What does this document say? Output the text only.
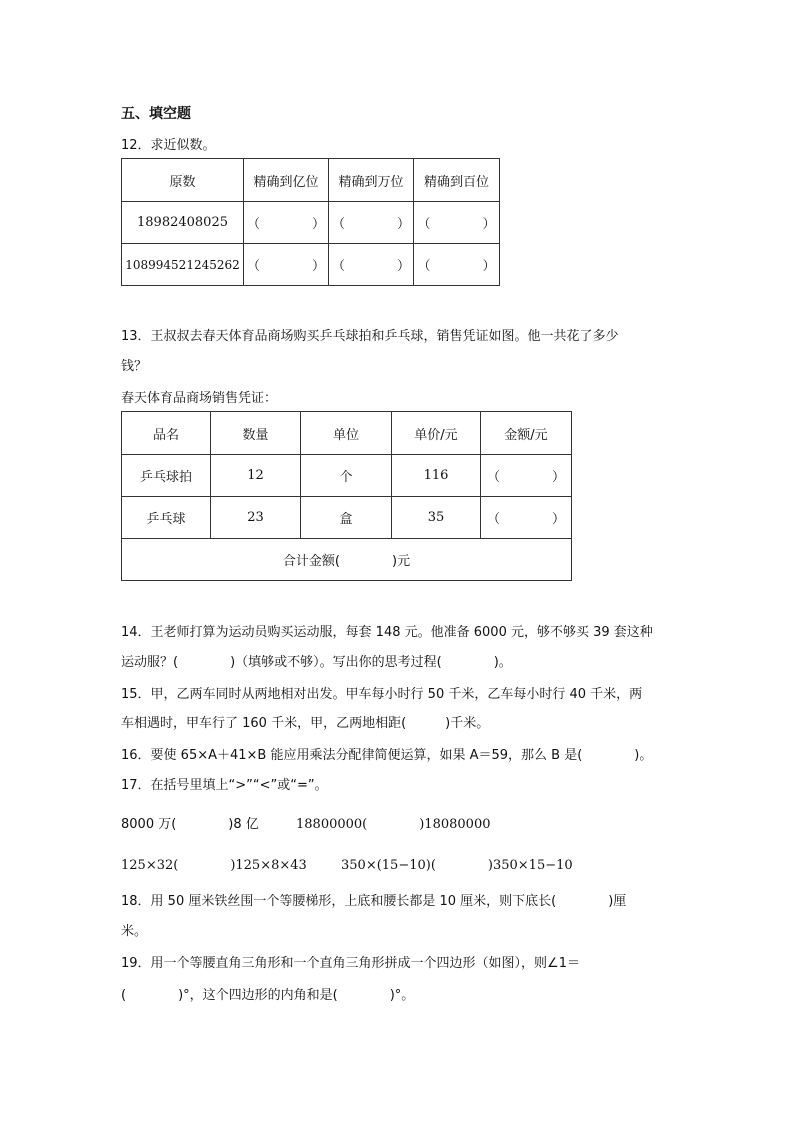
五、填空题
12．求近似数。
原数	精确到亿位	精确到万位	精确到百位
18982408025	（　　　　）	（　　　　）	（　　　　）
108994521245262	（　　　　）	（　　　　）	（　　　　）
13．王叔叔去春天体育品商场购买乒乓球拍和乒乓球，销售凭证如图。他一共花了多少
钱？
春天体育品商场销售凭证：
品名	数量	单位	单价/元	金额/元
乒乓球拍	12	个	116	（　　　　）
乒乓球	23	盒	35	（　　　　）
合计金额(　　　　)元				
14．王老师打算为运动员购买运动服，每套 148 元。他准备 6000 元，够不够买 39 套这种
运动服？(　　　　)（填够或不够）。写出你的思考过程(　　　　)。
15．甲，乙两车同时从两地相对出发。甲车每小时行 50 千米，乙车每小时行 40 千米，两
车相遇时，甲车行了 160 千米，甲，乙两地相距(　　　)千米。
16．要使 65×A＋41×B 能应用乘法分配律简便运算，如果 A＝59，那么 B 是(　　　　)。
17．在括号里填上“>”“<”或“=”。
8000 万(　　　　)8 亿	18800000(　　　　)18080000
125×32(　　　　)125×8×43	350×(15−10)(　　　　)350×15−10
18．用 50 厘米铁丝围一个等腰梯形，上底和腰长都是 10 厘米，则下底长(　　　　)厘
米。
19．用一个等腰直角三角形和一个直角三角形拼成一个四边形（如图），则∠1＝
(　　　　)°，这个四边形的内角和是(　　　　)°。
